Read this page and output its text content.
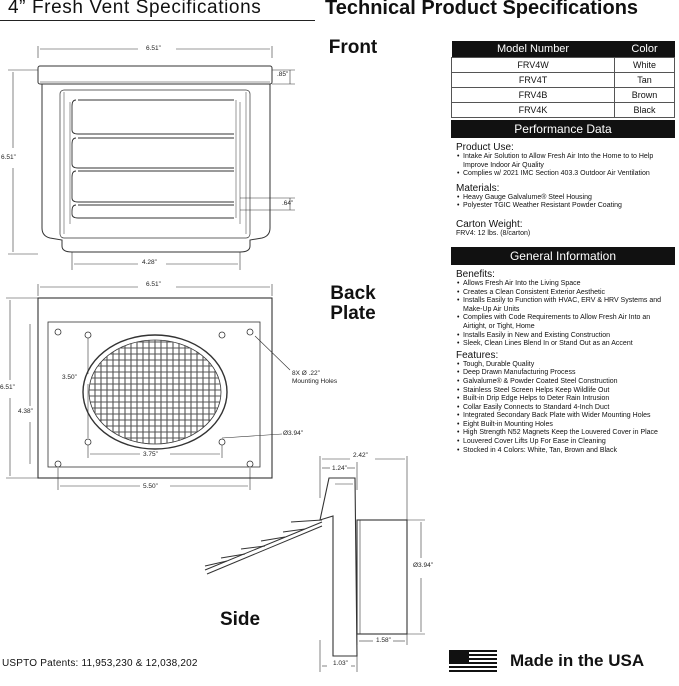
4” Fresh Vent Specifications	Technical Product Specifications
Front
Back
Plate
Side
6.51”
6.51”
.85”
.64”
4.28”
6.51”
6.51”
4.38”
3.50”
3.75”
5.50”
Ø3.94”
8X Ø .22”
Mounting Holes
2.42”
1.24”
Ø3.94”
1.58”
1.03”
Model Number	Color
FRV4W	White
FRV4T	Tan
FRV4B	Brown
FRV4K	Black
Performance Data
Product Use:
• Intake Air Solution to Allow Fresh Air Into the Home to to Help Improve Indoor Air Quality
• Complies w/ 2021 IMC Section 403.3 Outdoor Air Ventilation
Materials:
• Heavy Gauge Galvalume® Steel Housing
• Polyester TGIC Weather Resistant Powder Coating
Carton Weight:
FRV4: 12 lbs. (8/carton)
General Information
Benefits:
• Allows Fresh Air Into the Living Space
• Creates a Clean Consistent Exterior Aesthetic
• Installs Easily to Function with HVAC, ERV & HRV Systems and Make-Up Air Units
• Complies with Code Requirements to Allow Fresh Air Into an Airtight, or Tight, Home
• Installs Easily in New and Existing Construction
• Sleek, Clean Lines Blend In or Stand Out as an Accent
Features:
• Tough, Durable Quality
• Deep Drawn Manufacturing Process
• Galvalume® & Powder Coated Steel Construction
• Stainless Steel Screen Helps Keep Wildlife Out
• Built-in Drip Edge Helps to Deter Rain Intrusion
• Collar Easily Connects to Standard 4-Inch Duct
• Integrated Secondary Back Plate with Wider Mounting Holes
• Eight Built-in Mounting Holes
• High Strength N52 Magnets Keep the Louvered Cover in Place
• Louvered Cover Lifts Up For Ease in Cleaning
• Stocked in 4 Colors: White, Tan, Brown and Black
USPTO Patents: 11,953,230 & 12,038,202	Made in the USA
